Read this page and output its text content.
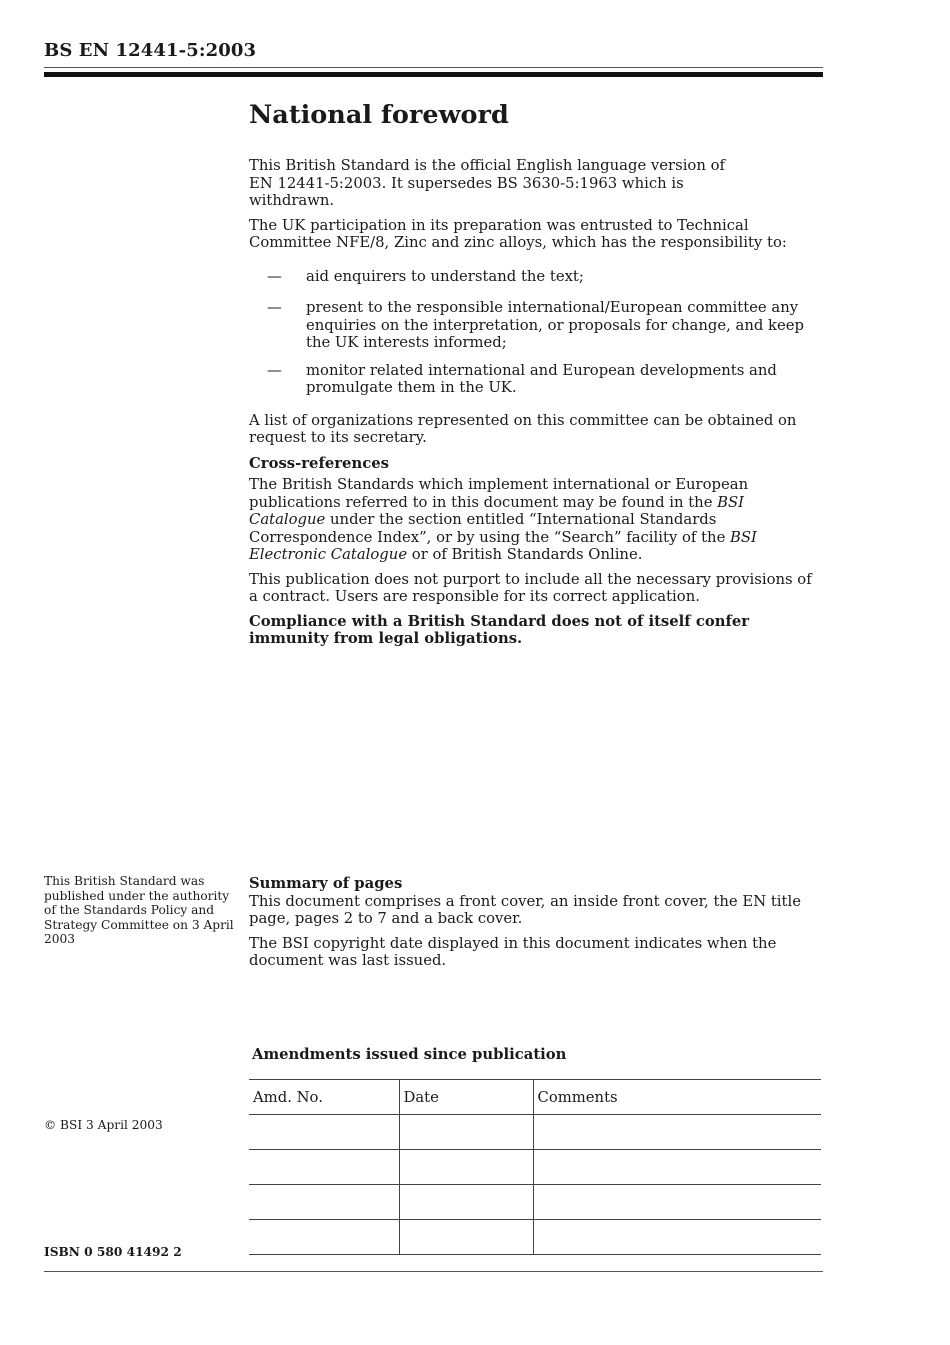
BS EN 12441-5:2003
National foreword

This British Standard is the official English language version of EN 12441-5:2003. It supersedes BS 3630-5:1963 which is withdrawn.

The UK participation in its preparation was entrusted to Technical Committee NFE/8, Zinc and zinc alloys, which has the responsibility to:

— aid enquirers to understand the text;
— present to the responsible international/European committee any enquiries on the interpretation, or proposals for change, and keep the UK interests informed;
— monitor related international and European developments and promulgate them in the UK.

A list of organizations represented on this committee can be obtained on request to its secretary.

Cross-references

The British Standards which implement international or European publications referred to in this document may be found in the BSI Catalogue under the section entitled “International Standards Correspondence Index”, or by using the “Search” facility of the BSI Electronic Catalogue or of British Standards Online.

This publication does not purport to include all the necessary provisions of a contract. Users are responsible for its correct application.

Compliance with a British Standard does not of itself confer immunity from legal obligations.

This British Standard was published under the authority of the Standards Policy and Strategy Committee on 3 April 2003

Summary of pages

This document comprises a front cover, an inside front cover, the EN title page, pages 2 to 7 and a back cover.

The BSI copyright date displayed in this document indicates when the document was last issued.

Amendments issued since publication
Amd. No.	Date	Comments

© BSI 3 April 2003
ISBN 0 580 41492 2
